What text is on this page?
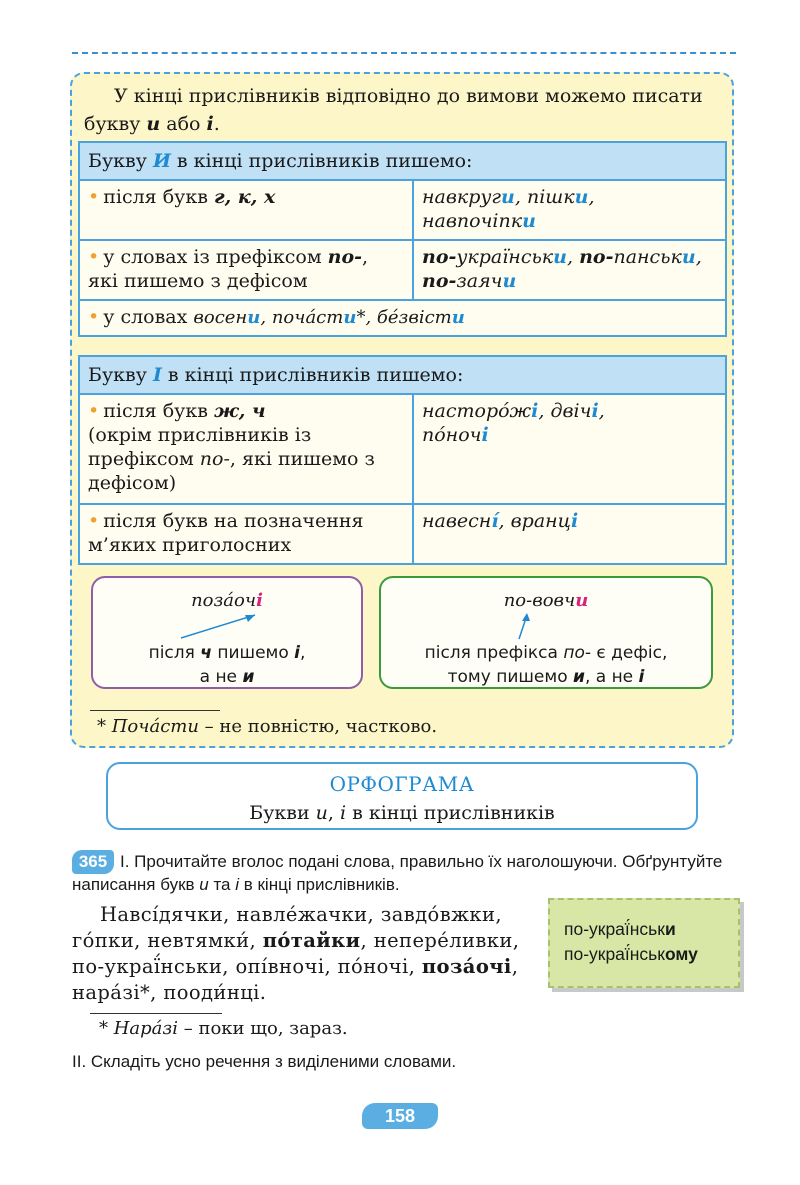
У кінці прислівників відповідно до вимови можемо писати букву и або і.
Букву И в кінці прислівників пишемо:	
• після букв г, к, х	навкруги, пішки,
навпочіпки
• у словах із префіксом по-, які пишемо з дефісом	по-українськи, по-панськи,
по-заячи
• у словах восени, поча́сти*, бе́звісти	
Букву І в кінці прислівників пишемо:	
• після букв ж, ч
(окрім прислівників із префіксом по-, які пишемо з дефісом)	насторо́жі, двічі,
по́ночі
• після букв на позначення м’яких приголосних	навесні́, вранці
поза́очі
після ч пишемо і,
а не и
по-вовчи
після префікса по- є дефіс,
тому пишемо и, а не і
* Поча́сти – не повністю, частково.
ОРФОГРАМА
Букви и, і в кінці прислівників
І. Прочитайте вголос подані слова, правильно їх наголошуючи. Обґрунтуйте написання букв и та і в кінці прислівників.
365
Навсі́дячки, навле́жачки, завдо́вжки, го́пки, невтямки́, по́тайки, непере́ливки, по-украї́нськи, опі́вночі, по́ночі, поза́очі, нара́зі*, пооди́нці.
по-украї́нськи
по-украї́нському
* Нара́зі – поки що, зараз.
ІІ. Складіть усно речення з виділеними словами.
158
